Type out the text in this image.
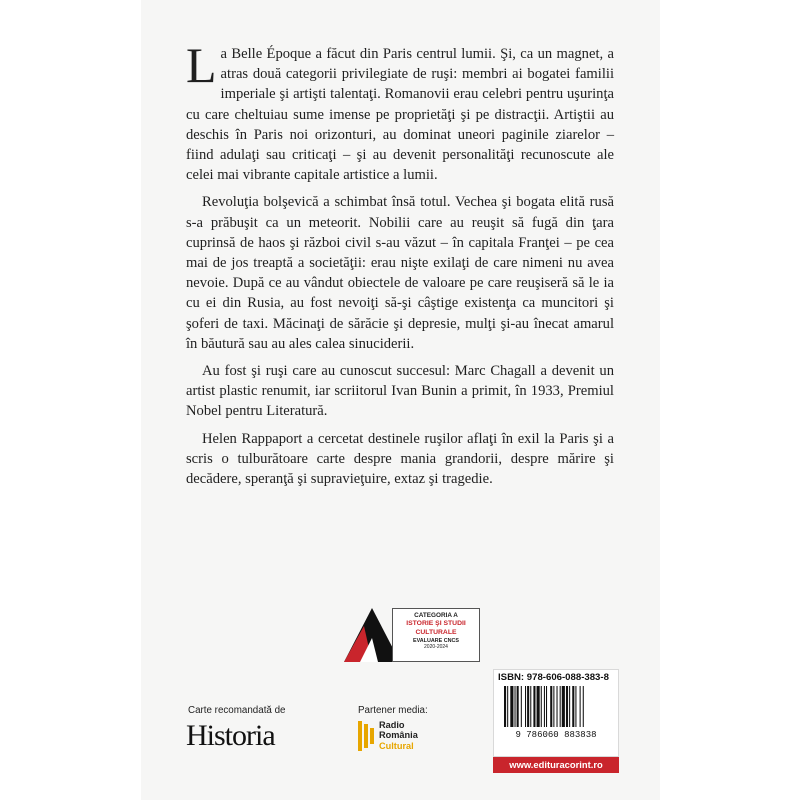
La Belle Époque a făcut din Paris centrul lumii. Şi, ca un magnet, a atras două categorii privilegiate de ruşi: membri ai bogatei familii imperiale şi artişti talentaţi. Romanovii erau celebri pentru uşurinţa cu care cheltuiau sume imense pe proprietăţi şi pe distracţii. Artiştii au deschis în Paris noi orizonturi, au dominat uneori paginile ziarelor – fiind adulaţi sau criticaţi – şi au devenit personalităţi recunoscute ale celei mai vibrante capitale artistice a lumii.

Revoluţia bolşevică a schimbat însă totul. Vechea şi bogata elită rusă s-a prăbuşit ca un meteorit. Nobilii care au reuşit să fugă din ţara cuprinsă de haos şi război civil s-au văzut – în capitala Franţei – pe cea mai de jos treaptă a societăţii: erau nişte exilaţi de care nimeni nu avea nevoie. După ce au vândut obiectele de valoare pe care reuşiseră să le ia cu ei din Rusia, au fost nevoiţi să-şi câştige existenţa ca muncitori şi şoferi de taxi. Măcinaţi de sărăcie şi depresie, mulţi şi-au înecat amarul în băutură sau au ales calea sinuciderii.

Au fost şi ruşi care au cunoscut succesul: Marc Chagall a devenit un artist plastic renumit, iar scriitorul Ivan Bunin a primit, în 1933, Premiul Nobel pentru Literatură.

Helen Rappaport a cercetat destinele ruşilor aflaţi în exil la Paris şi a scris o tulburătoare carte despre mania grandorii, despre mărire şi decădere, speranţă şi supravieţuire, extaz şi tragedie.

CATEGORIA A
ISTORIE ŞI STUDII
CULTURALE
EVALUARE CNCS
2020-2024
Carte recomandată de
Historia
Partener media:
Radio
România
Cultural
ISBN: 978-606-088-383-8
9 786060 883838
www.edituracorint.ro
